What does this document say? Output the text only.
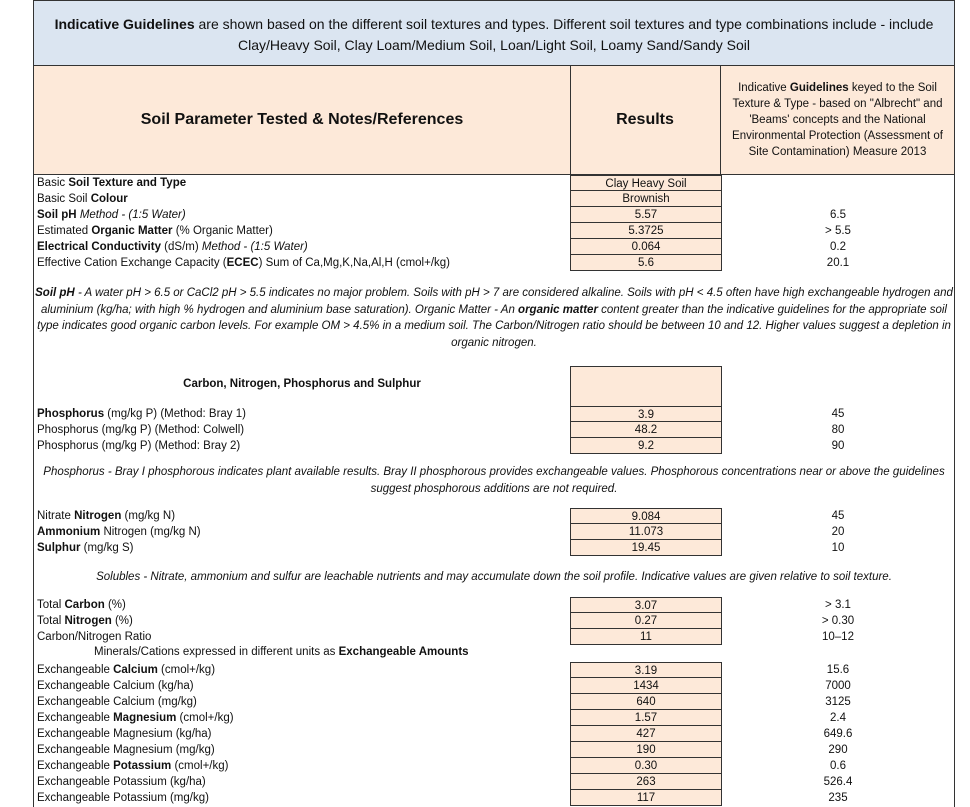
Indicative Guidelines are shown based on the different soil textures and types. Different soil textures and type combinations include - include Clay/Heavy Soil, Clay Loam/Medium Soil, Loan/Light Soil, Loamy Sand/Sandy Soil
Soil Parameter Tested & Notes/References	Results
Indicative Guidelines keyed to the Soil Texture & Type - based on "Albrecht" and 'Beams' concepts and the National Environmental Protection (Assessment of Site Contamination) Measure 2013
Basic Soil Texture and Type	Clay Heavy Soil
Basic Soil Colour	Brownish
Soil pH Method - (1:5 Water)	5.57	6.5
Estimated Organic Matter (% Organic Matter)	5.3725	> 5.5
Electrical Conductivity (dS/m) Method - (1:5 Water)	0.064	0.2
Effective Cation Exchange Capacity (ECEC) Sum of Ca,Mg,K,Na,Al,H (cmol+/kg)	5.6	20.1
Soil pH - A water pH > 6.5 or CaCl2 pH > 5.5 indicates no major problem. Soils with pH > 7 are considered alkaline. Soils with pH < 4.5 often have high exchangeable hydrogen and aluminium (kg/ha; with high % hydrogen and aluminium base saturation). Organic Matter - An organic matter content greater than the indicative guidelines for the appropriate soil type indicates good organic carbon levels. For example OM > 4.5% in a medium soil. The Carbon/Nitrogen ratio should be between 10 and 12. Higher values suggest a depletion in organic nitrogen.
Carbon, Nitrogen, Phosphorus and Sulphur
Phosphorus (mg/kg P) (Method: Bray 1)	3.9	45
Phosphorus (mg/kg P) (Method: Colwell)	48.2	80
Phosphorus (mg/kg P) (Method: Bray 2)	9.2	90
Phosphorus - Bray I phosphorous indicates plant available results. Bray II phosphorous provides exchangeable values. Phosphorous concentrations near or above the guidelines suggest phosphorous additions are not required.
Nitrate Nitrogen (mg/kg N)	9.084	45
Ammonium Nitrogen (mg/kg N)	11.073	20
Sulphur (mg/kg S)	19.45	10
Solubles - Nitrate, ammonium and sulfur are leachable nutrients and may accumulate down the soil profile. Indicative values are given relative to soil texture.
Total Carbon (%)	3.07	> 3.1
Total Nitrogen (%)	0.27	> 0.30
Carbon/Nitrogen Ratio	11	10–12
Minerals/Cations expressed in different units as Exchangeable Amounts
Exchangeable Calcium (cmol+/kg)	3.19	15.6
Exchangeable Calcium (kg/ha)	1434	7000
Exchangeable Calcium (mg/kg)	640	3125
Exchangeable Magnesium (cmol+/kg)	1.57	2.4
Exchangeable Magnesium (kg/ha)	427	649.6
Exchangeable Magnesium (mg/kg)	190	290
Exchangeable Potassium (cmol+/kg)	0.30	0.6
Exchangeable Potassium (kg/ha)	263	526.4
Exchangeable Potassium (mg/kg)	117	235
